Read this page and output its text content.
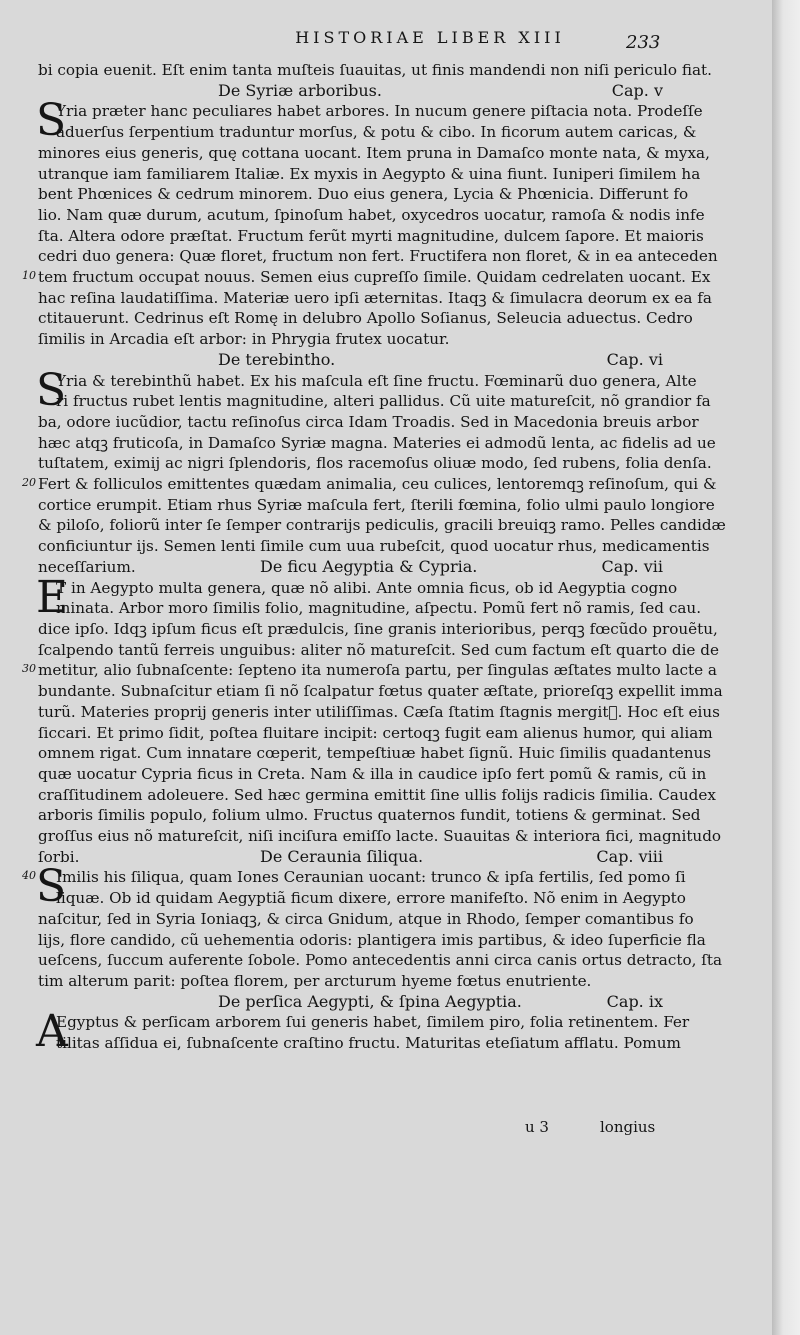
HISTORIAE LIBER XIII	233
bi copia euenit. Eſt enim tanta muſteis ſuauitas, ut finis mandendi non niſi periculo fiat.
De Syriæ arboribus.	Cap. v
S
Yria præter hanc peculiares habet arbores. In nucum genere piſtacia nota. Prodeſſe
aduerſus ſerpentium traduntur morſus, & potu & cibo. In ficorum autem caricas, &
minores eius generis, quę cottana uocant. Item pruna in Damaſco monte nata, & myxa,
utranque iam familiarem Italiæ. Ex myxis in Aegypto & uina fiunt. Iuniperi ſimilem ha
bent Phœnices & cedrum minorem. Duo eius genera, Lycia & Phœnicia. Differunt fo
lio. Nam quæ durum, acutum, ſpinoſum habet, oxycedros uocatur, ramoſa & nodis infe
ſta. Altera odore præſtat. Fructum ferũt myrti magnitudine, dulcem ſapore. Et maioris
cedri duo genera: Quæ floret, fructum non fert. Fructifera non floret, & in ea anteceden
tem fructum occupat nouus. Semen eius cupreſſo ſimile. Quidam cedrelaten uocant. Ex
hac reſina laudatiſſima. Materiæ uero ipſi æternitas. Itaqꝫ & ſimulacra deorum ex ea fa
ctitauerunt. Cedrinus eſt Romę in delubro Apollo Soſianus, Seleucia aduectus. Cedro
ſimilis in Arcadia eſt arbor: in Phrygia frutex uocatur.
De terebintho.	Cap. vi
S
Yria & terebinthũ habet. Ex his maſcula eſt ſine fructu. Fœminarũ duo genera, Alte
ri fructus rubet lentis magnitudine, alteri pallidus. Cũ uite matureſcit, nõ grandior fa
ba, odore iucũdior, tactu reſinoſus circa Idam Troadis. Sed in Macedonia breuis arbor
hæc atqꝫ fruticoſa, in Damaſco Syriæ magna. Materies ei admodũ lenta, ac fidelis ad ue
tuſtatem, eximij ac nigri ſplendoris, flos racemoſus oliuæ modo, ſed rubens, folia denſa.
Fert & folliculos emittentes quædam animalia, ceu culices, lentoremqꝫ reſinoſum, qui &
cortice erumpit. Etiam rhus Syriæ maſcula fert, ſterili fœmina, folio ulmi paulo longiore
& piloſo, foliorũ inter ſe ſemper contrarijs pediculis, gracili breuiqꝫ ramo. Pelles candidæ
conficiuntur ijs. Semen lenti ſimile cum uua rubeſcit, quod uocatur rhus, medicamentis
neceſſarium.	De ficu Aegyptia & Cypria.	Cap. vii
E
T in Aegypto multa genera, quæ nõ alibi. Ante omnia ficus, ob id Aegyptia cogno
minata. Arbor moro ſimilis folio, magnitudine, aſpectu. Pomũ fert nõ ramis, ſed cau.
dice ipſo. Idqꝫ ipſum ficus eſt prædulcis, ſine granis interioribus, perqꝫ fœcũdo prouẽtu,
ſcalpendo tantũ ferreis unguibus: aliter nõ matureſcit. Sed cum factum eſt quarto die de
metitur, alio ſubnaſcente: ſepteno ita numeroſa partu, per ſingulas æſtates multo lacte a
bundante. Subnaſcitur etiam ſi nõ ſcalpatur fœtus quater æſtate, prioreſqꝫ expellit imma
turũ. Materies proprij generis inter utiliſſimas. Cæſa ſtatim ſtagnis mergitᷣ. Hoc eſt eius
ſiccari. Et primo ſidit, poſtea fluitare incipit: certoqꝫ fugit eam alienus humor, qui aliam
omnem rigat. Cum innatare cœperit, tempeſtiuæ habet ſignũ. Huic ſimilis quadantenus
quæ uocatur Cypria ficus in Creta. Nam & illa in caudice ipſo fert pomũ & ramis, cũ in
craſſitudinem adoleuere. Sed hæc germina emittit ſine ullis folijs radicis ſimilia. Caudex
arboris ſimilis populo, folium ulmo. Fructus quaternos fundit, totiens & germinat. Sed
groſſus eius nõ matureſcit, niſi inciſura emiſſo lacte. Suauitas & interiora fici, magnitudo
ſorbi.	De Ceraunia ſiliqua.	Cap. viii
S
Imilis his ſiliqua, quam Iones Ceraunian uocant: trunco & ipſa fertilis, ſed pomo ſi
liquæ. Ob id quidam Aegyptiã ficum dixere, errore manifeſto. Nõ enim in Aegypto
naſcitur, ſed in Syria Ioniaqꝫ, & circa Gnidum, atque in Rhodo, ſemper comantibus fo
lijs, flore candido, cũ uehementia odoris: plantigera imis partibus, & ideo ſuperficie fla
ueſcens, ſuccum auferente ſobole. Pomo antecedentis anni circa canis ortus detracto, ſta
tim alterum parit: poſtea florem, per arcturum hyeme fœtus enutriente.
De perſica Aegypti, & ſpina Aegyptia.	Cap. ix
A
Egyptus & perſicam arborem ſui generis habet, ſimilem piro, folia retinentem. Fer
tilitas aſſidua ei, ſubnaſcente craſtino fructu. Maturitas eteſiatum afflatu. Pomum
u 3	longius
10
20
30
40
